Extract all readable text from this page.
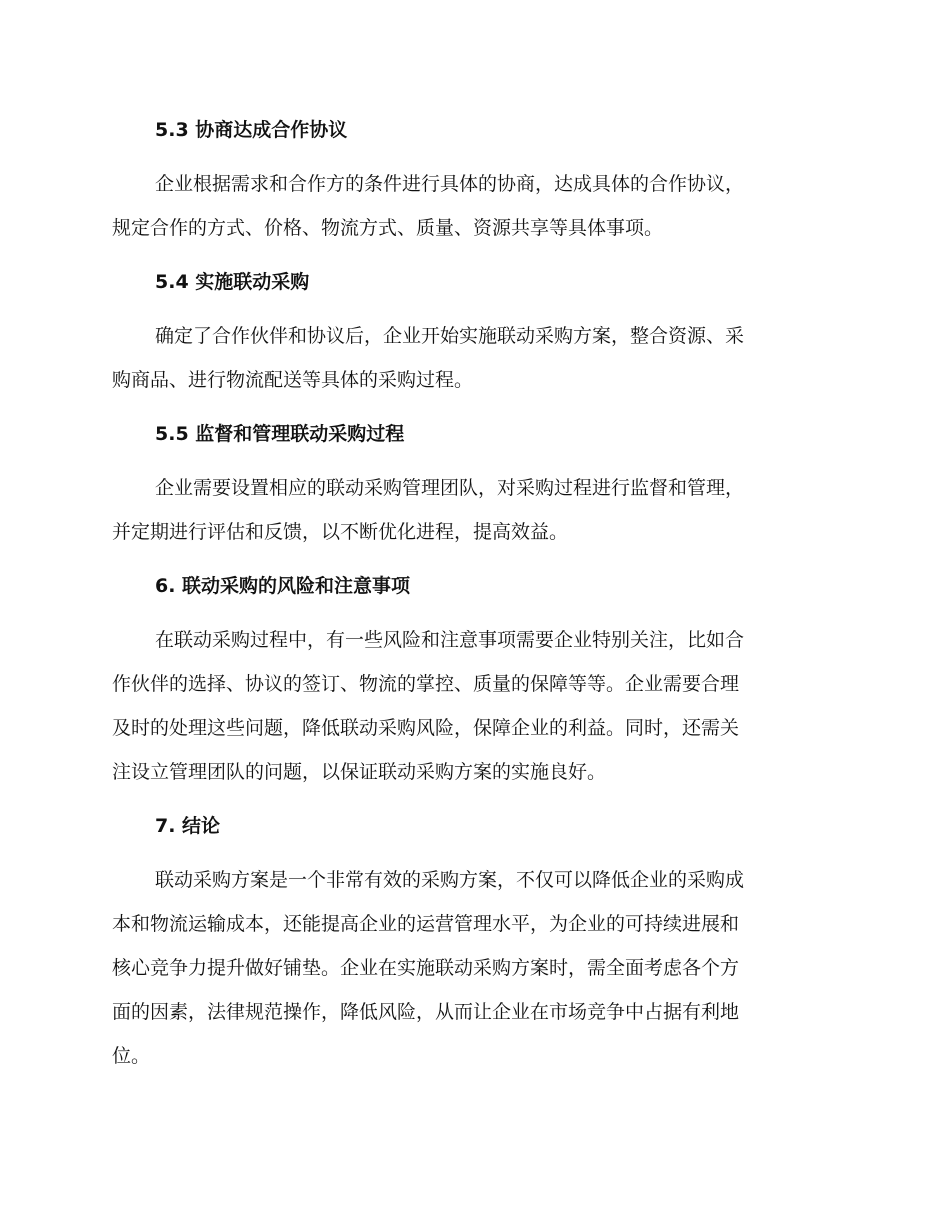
5.3 协商达成合作协议
企业根据需求和合作方的条件进行具体的协商，达成具体的合作协议，
规定合作的方式、价格、物流方式、质量、资源共享等具体事项。
5.4 实施联动采购
确定了合作伙伴和协议后，企业开始实施联动采购方案，整合资源、采
购商品、进行物流配送等具体的采购过程。
5.5 监督和管理联动采购过程
企业需要设置相应的联动采购管理团队，对采购过程进行监督和管理，
并定期进行评估和反馈，以不断优化进程，提高效益。
6. 联动采购的风险和注意事项
在联动采购过程中，有一些风险和注意事项需要企业特别关注，比如合
作伙伴的选择、协议的签订、物流的掌控、质量的保障等等。企业需要合理
及时的处理这些问题，降低联动采购风险，保障企业的利益。同时，还需关
注设立管理团队的问题，以保证联动采购方案的实施良好。
7. 结论
联动采购方案是一个非常有效的采购方案，不仅可以降低企业的采购成
本和物流运输成本，还能提高企业的运营管理水平，为企业的可持续进展和
核心竞争力提升做好铺垫。企业在实施联动采购方案时，需全面考虑各个方
面的因素，法律规范操作，降低风险，从而让企业在市场竞争中占据有利地
位。
